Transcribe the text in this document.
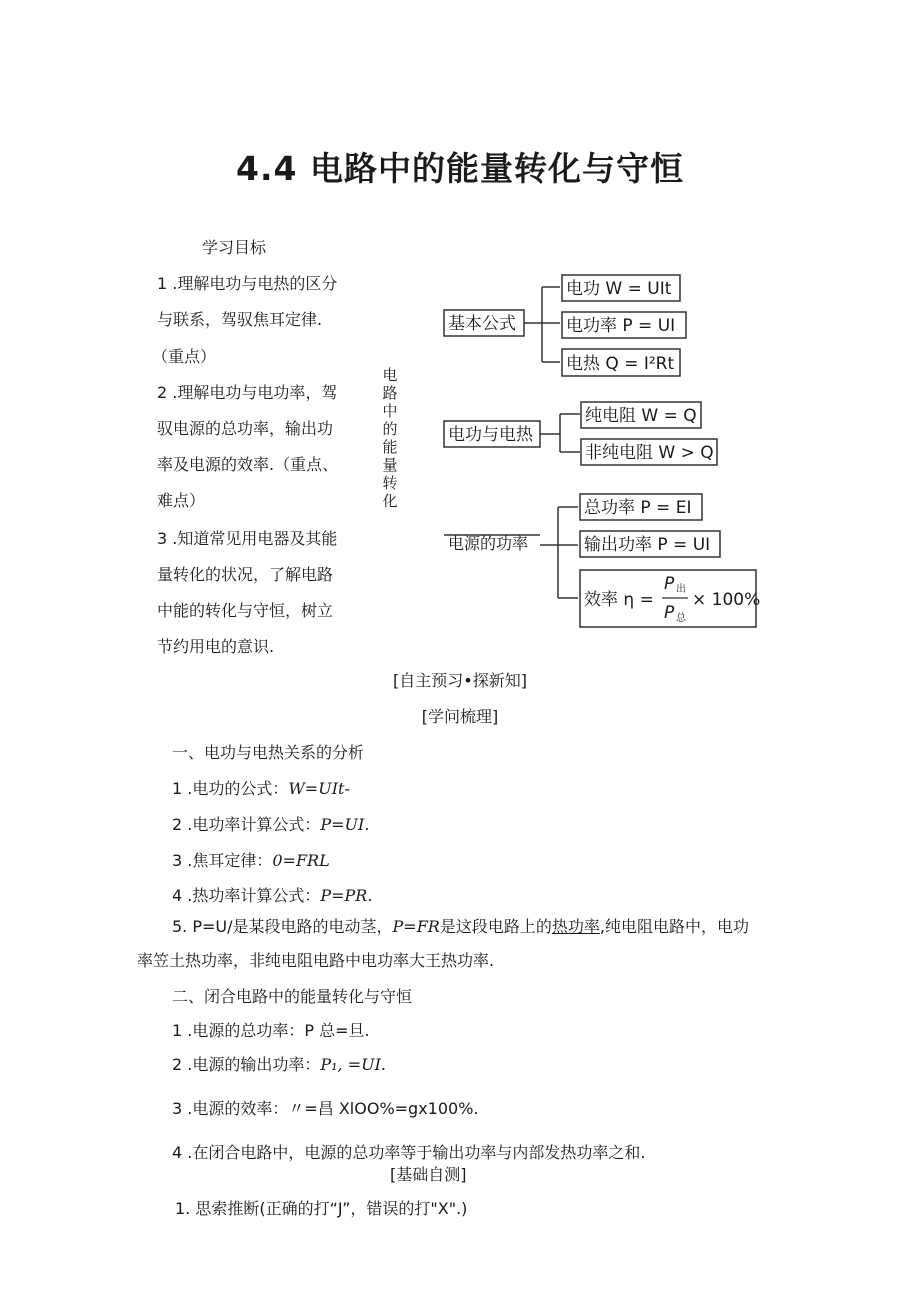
4.4 电路中的能量转化与守恒
学习目标
1 .理解电功与电热的区分
与联系，驾驭焦耳定律.
（重点）
2 .理解电功与电功率，驾
驭电源的总功率，输出功
率及电源的效率.（重点、
难点）
3 .知道常见用电器及其能
量转化的状况，了解电路
中能的转化与守恒，树立
节约用电的意识.
电
路
中
的
能
量
转
化
基本公式
电功 W = UIt
电功率 P = UI
电热 Q = I²Rt
电功与电热
纯电阻 W = Q
非纯电阻 W > Q
电源的功率
总功率 P = EI
输出功率 P = UI
效率 η =
P 出
P 总
× 100%
[自主预习•探新知]
[学问梳理]
一、电功与电热关系的分析
1 .电功的公式：W=UIt-
2 .电功率计算公式：P=UI.
3 .焦耳定律：0=FRL
4 .热功率计算公式：P=PR.
5. P=U/是某段电路的电动茎，P=FR是这段电路上的热功率,纯电阻电路中，电功
率笠土热功率，非纯电阻电路中电功率大王热功率.
二、闭合电路中的能量转化与守恒
1 .电源的总功率：P 总=旦.
2 .电源的输出功率：P₁, =UI.
3 .电源的效率：〃=昌 XlOO%=gx100%.
4 .在闭合电路中，电源的总功率等于输出功率与内部发热功率之和.
[基础自测]
1. 思索推断(正确的打“J”，错误的打"X".)
